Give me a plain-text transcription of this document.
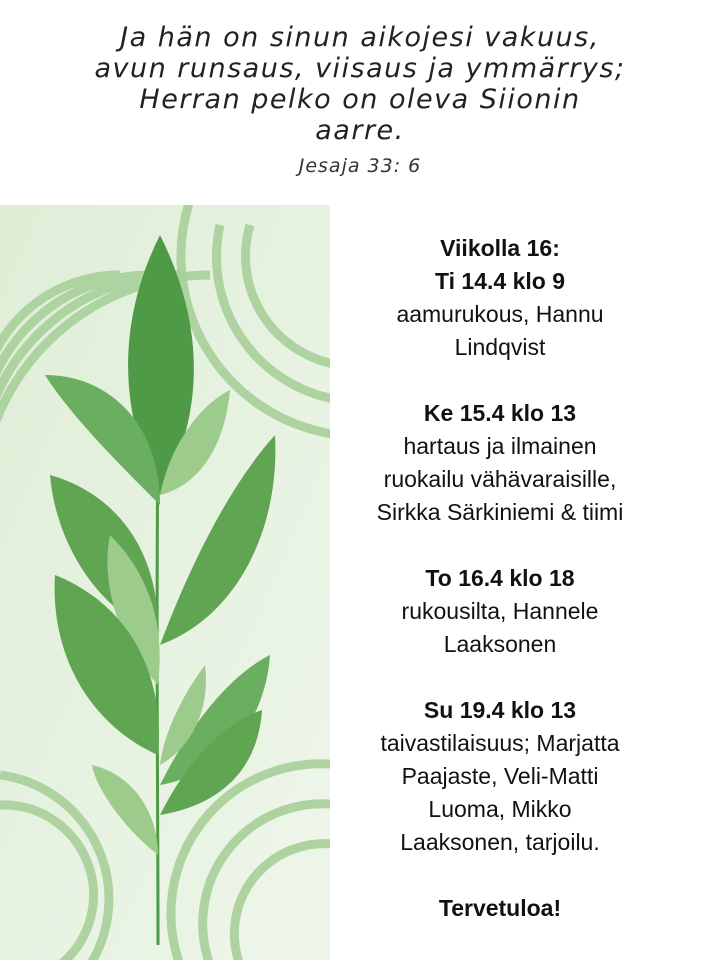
Ja hän on sinun aikojesi vakuus,
avun runsaus, viisaus ja ymmärrys;
Herran pelko on oleva Siionin
aarre.
Jesaja 33: 6
Viikolla 16:
Ti 14.4 klo 9
aamurukous, Hannu
Lindqvist
Ke 15.4 klo 13
hartaus ja ilmainen
ruokailu vähävaraisille,
Sirkka Särkiniemi & tiimi
To 16.4 klo 18
rukousilta, Hannele
Laaksonen
Su 19.4 klo 13
taivastilaisuus; Marjatta
Paajaste, Veli-Matti
Luoma, Mikko
Laaksonen, tarjoilu.
Tervetuloa!
